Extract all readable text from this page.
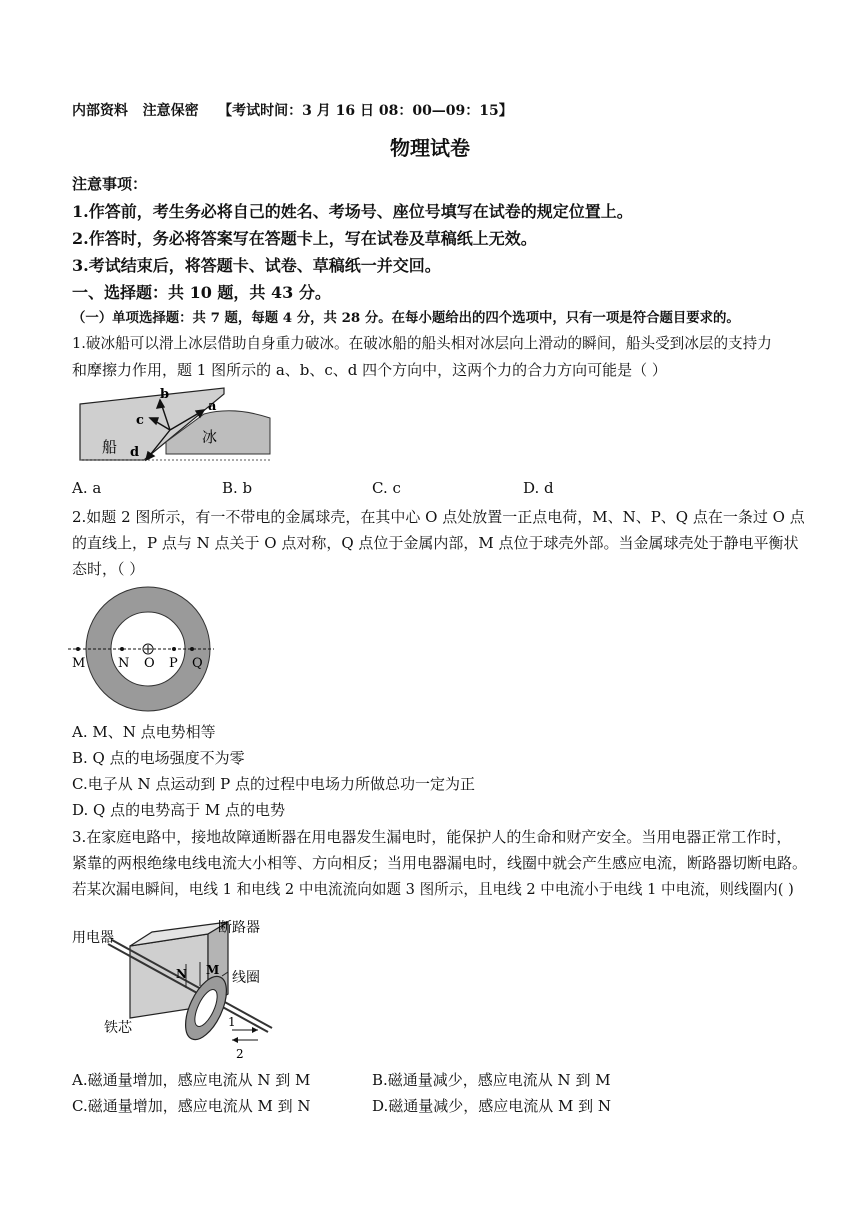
内部资料 注意保密 【考试时间：3 月 16 日 08：00—09：15】
物理试卷
注意事项：
1.作答前，考生务必将自己的姓名、考场号、座位号填写在试卷的规定位置上。
2.作答时，务必将答案写在答题卡上，写在试卷及草稿纸上无效。
3.考试结束后，将答题卡、试卷、草稿纸一并交回。
一、选择题：共 10 题，共 43 分。
（一）单项选择题：共 7 题，每题 4 分，共 28 分。在每小题给出的四个选项中，只有一项是符合题目要求的。
1.破冰船可以滑上冰层借助自身重力破冰。在破冰船的船头相对冰层向上滑动的瞬间，船头受到冰层的支持力
和摩擦力作用，题 1 图所示的 a、b、c、d 四个方向中，这两个力的合力方向可能是（ ）
a
b
c
d
船
冰
A. a	B. b	C. c	D. d
2.如题 2 图所示，有一不带电的金属球壳，在其中心 O 点处放置一正点电荷，M、N、P、Q 点在一条过 O 点
的直线上，P 点与 N 点关于 O 点对称，Q 点位于金属内部，M 点位于球壳外部。当金属球壳处于静电平衡状
态时，（ ）
M	N O P Q
A. M、N 点电势相等
B. Q 点的电场强度不为零
C.电子从 N 点运动到 P 点的过程中电场力所做总功一定为正
D. Q 点的电势高于 M 点的电势
3.在家庭电路中，接地故障通断器在用电器发生漏电时，能保护人的生命和财产安全。当用电器正常工作时，
紧靠的两根绝缘电线电流大小相等、方向相反；当用电器漏电时，线圈中就会产生感应电流，断路器切断电路。
若某次漏电瞬间，电线 1 和电线 2 中电流流向如题 3 图所示，且电线 2 中电流小于电线 1 中电流，则线圈内( )
用电器
断路器
线圈
铁芯
N M
1
2
A.磁通量增加，感应电流从 N 到 M	B.磁通量减少，感应电流从 N 到 M
C.磁通量增加，感应电流从 M 到 N	D.磁通量减少，感应电流从 M 到 N
